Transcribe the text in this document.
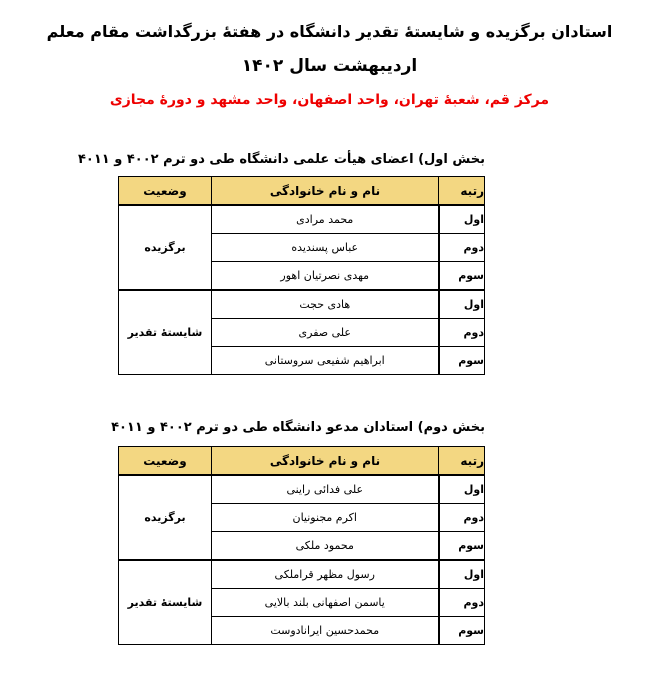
استادان برگزیده و شایستهٔ تقدیر دانشگاه در هفتهٔ بزرگداشت مقام معلم
اردیبهشت سال ۱۴۰۲
مرکز قم، شعبهٔ تهران، واحد اصفهان، واحد مشهد و دورهٔ مجازی

بخش اول) اعضای هیأت علمی دانشگاه طی دو ترم ۴۰۰۲ و ۴۰۱۱

رتبه	نام و نام خانوادگی	وضعیت
اول	محمد مرادی	برگزیده
دوم	عباس پسندیده	
سوم	مهدی نصرتیان اهور	
اول	هادی حجت	شایستهٔ تقدیر
دوم	علی صفری	
سوم	ابراهیم شفیعی سروستانی	

بخش دوم) استادان مدعو دانشگاه طی دو ترم ۴۰۰۲ و ۴۰۱۱

رتبه	نام و نام خانوادگی	وضعیت
اول	علی فدائی راینی	برگزیده
دوم	اکرم مجنونیان	
سوم	محمود ملکی	
اول	رسول مظهر قراملکی	شایستهٔ تقدیر
دوم	یاسمن اصفهانی بلند بالایی	
سوم	محمدحسین ایرانادوست	
